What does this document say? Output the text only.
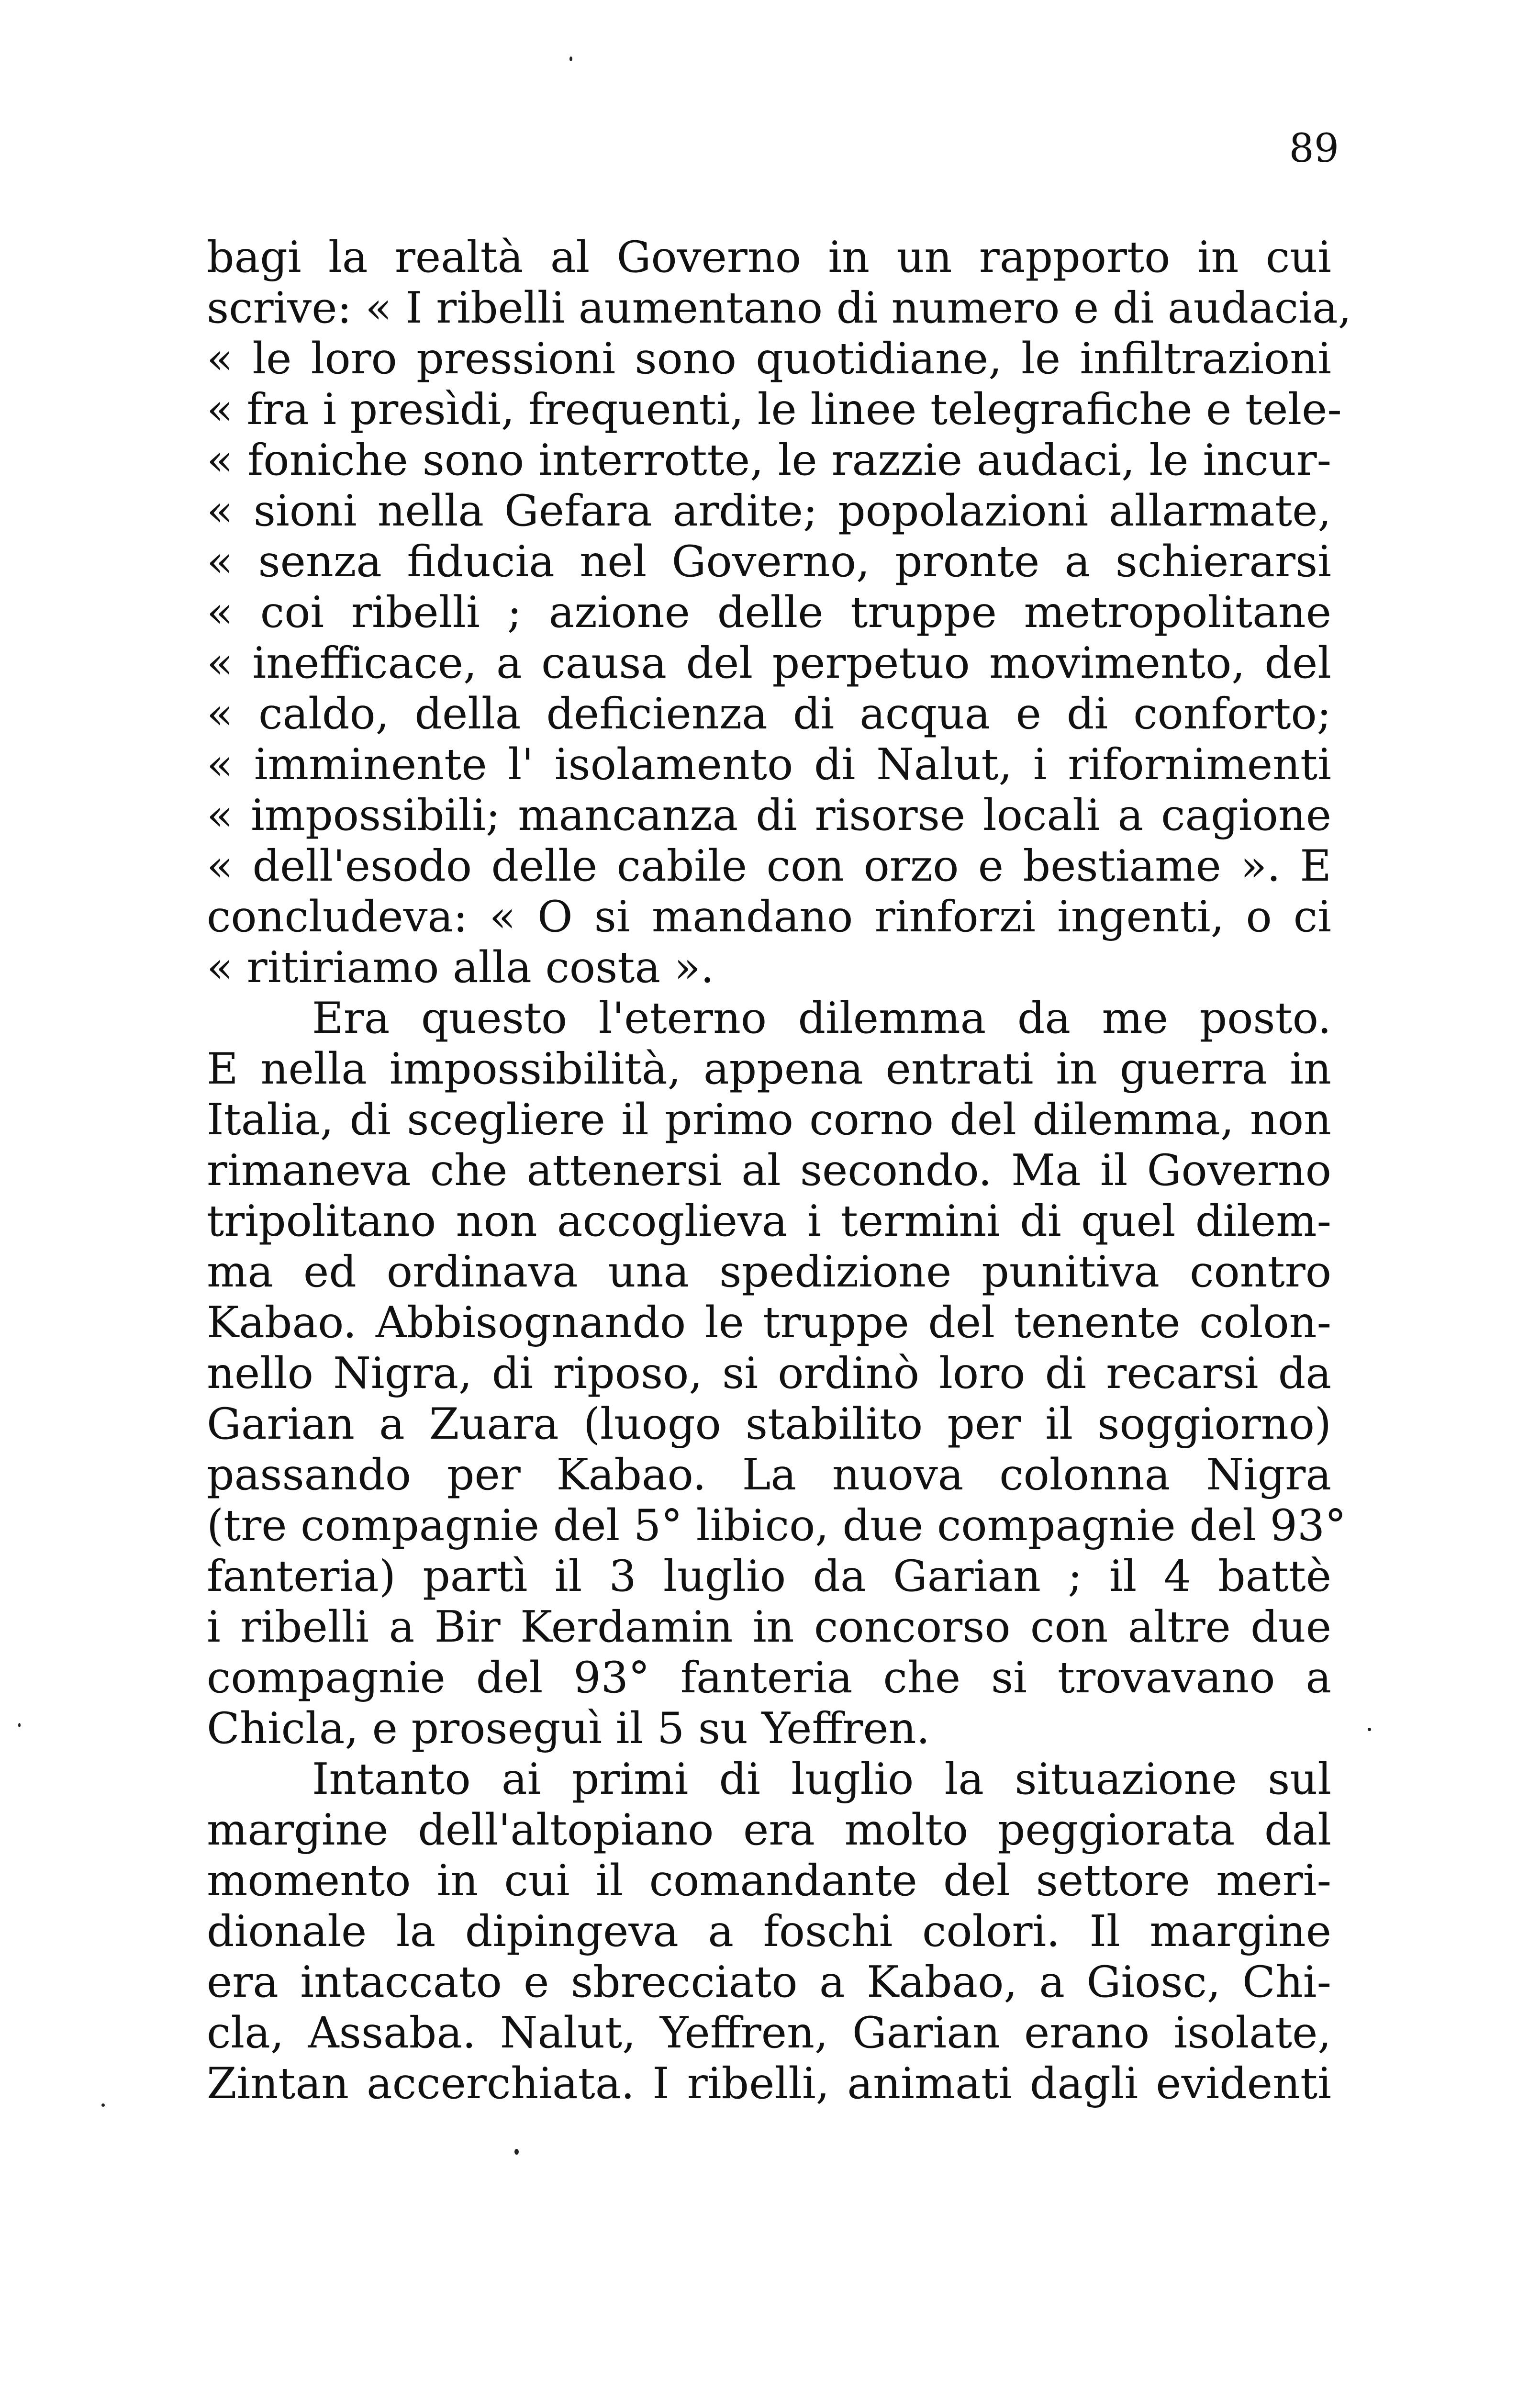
89
bagi la realtà al Governo in un rapporto in cui
scrive: « I ribelli aumentano di numero e di audacia,
« le loro pressioni sono quotidiane, le infiltrazioni
« fra i presìdi, frequenti, le linee telegrafiche e tele-
« foniche sono interrotte, le razzie audaci, le incur-
« sioni nella Gefara ardite; popolazioni allarmate,
« senza fiducia nel Governo, pronte a schierarsi
« coi ribelli ; azione delle truppe metropolitane
« inefficace, a causa del perpetuo movimento, del
« caldo, della deficienza di acqua e di conforto;
« imminente l' isolamento di Nalut, i rifornimenti
« impossibili; mancanza di risorse locali a cagione
« dell'esodo delle cabile con orzo e bestiame ». E
concludeva: « O si mandano rinforzi ingenti, o ci
« ritiriamo alla costa ».
Era questo l'eterno dilemma da me posto.
E nella impossibilità, appena entrati in guerra in
Italia, di scegliere il primo corno del dilemma, non
rimaneva che attenersi al secondo. Ma il Governo
tripolitano non accoglieva i termini di quel dilem-
ma ed ordinava una spedizione punitiva contro
Kabao. Abbisognando le truppe del tenente colon-
nello Nigra, di riposo, si ordinò loro di recarsi da
Garian a Zuara (luogo stabilito per il soggiorno)
passando per Kabao. La nuova colonna Nigra
(tre compagnie del 5° libico, due compagnie del 93°
fanteria) partì il 3 luglio da Garian ; il 4 battè
i ribelli a Bir Kerdamin in concorso con altre due
compagnie del 93° fanteria che si trovavano a
Chicla, e proseguì il 5 su Yeffren.
Intanto ai primi di luglio la situazione sul
margine dell'altopiano era molto peggiorata dal
momento in cui il comandante del settore meri-
dionale la dipingeva a foschi colori. Il margine
era intaccato e sbrecciato a Kabao, a Giosc, Chi-
cla, Assaba. Nalut, Yeffren, Garian erano isolate,
Zintan accerchiata. I ribelli, animati dagli evidenti
